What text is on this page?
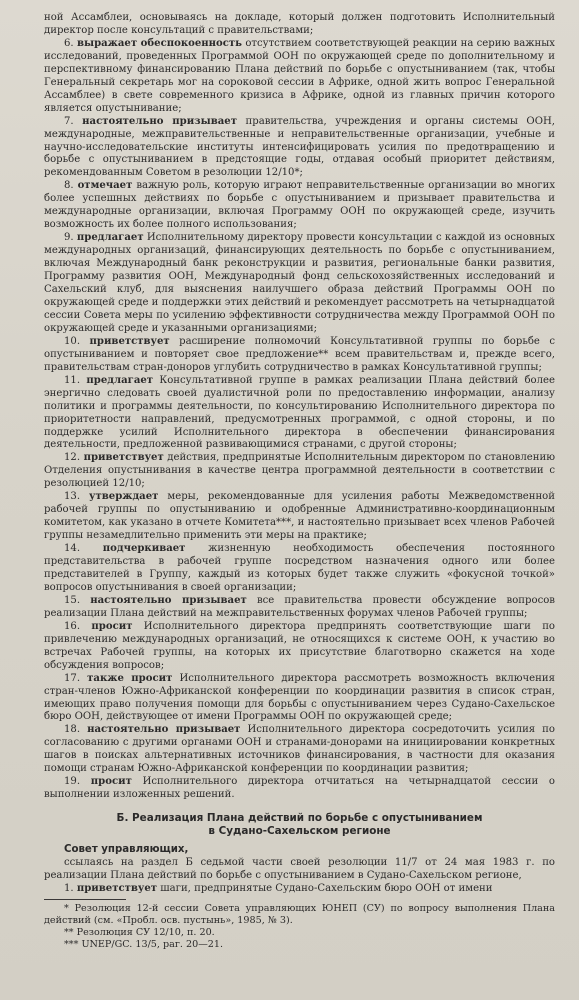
ной Ассамблеи, основываясь на докладе, который должен подготовить Исполнительный директор после консультаций с правительствами;

6. выражает обеспокоенность отсутствием соответствующей реакции на серию важных исследований, проведенных Программой ООН по окружающей среде по дополнительному и перспективному финансированию Плана действий по борьбе с опустыниванием (так, чтобы Генеральный секретарь мог на сороковой сессии в Африке, одной жить вопрос Генеральной Ассамблее) в свете современного кризиса в Африке, одной из главных причин которого является опустынивание;

7. настоятельно призывает правительства, учреждения и органы системы ООН, международные, межправительственные и неправительственные организации, учебные и научно-исследовательские институты интенсифицировать усилия по предотвращению и борьбе с опустыниванием в предстоящие годы, отдавая особый приоритет действиям, рекомендованным Советом в резолюции 12/10*;

8. отмечает важную роль, которую играют неправительственные организации во многих более успешных действиях по борьбе с опустыниванием и призывает правительства и международные организации, включая Программу ООН по окружающей среде, изучить возможность их более полного использования;

9. предлагает Исполнительному директору провести консультации с каждой из основных международных организаций, финансирующих деятельность по борьбе с опустыниванием, включая Международный банк реконструкции и развития, региональные банки развития, Программу развития ООН, Международный фонд сельскохозяйственных исследований и Сахельский клуб, для выяснения наилучшего образа действий Программы ООН по окружающей среде и поддержки этих действий и рекомендует рассмотреть на четырнадцатой сессии Совета меры по усилению эффективности сотрудничества между Программой ООН по окружающей среде и указанными организациями;

10. приветствует расширение полномочий Консультативной группы по борьбе с опустыниванием и повторяет свое предложение** всем правительствам и, прежде всего, правительствам стран-доноров углубить сотрудничество в рамках Консультативной группы;

11. предлагает Консультативной группе в рамках реализации Плана действий более энергично следовать своей дуалистичной роли по предоставлению информации, анализу политики и программы деятельности, по консультированию Исполнительного директора по приоритетности направлений, предусмотренных программой, с одной стороны, и по поддержке усилий Исполнительного директора в обеспечении финансирования деятельности, предложенной развивающимися странами, с другой стороны;

12. приветствует действия, предпринятые Исполнительным директором по становлению Отделения опустынивания в качестве центра программной деятельности в соответствии с резолюцией 12/10;

13. утверждает меры, рекомендованные для усиления работы Межведомственной рабочей группы по опустыниванию и одобренные Административно-координационным комитетом, как указано в отчете Комитета***, и настоятельно призывает всех членов Рабочей группы незамедлительно применить эти меры на практике;

14. подчеркивает жизненную необходимость обеспечения постоянного представительства в рабочей группе посредством назначения одного или более представителей в Группу, каждый из которых будет также служить «фокусной точкой» вопросов опустынивания в своей организации;

15. настоятельно призывает все правительства провести обсуждение вопросов реализации Плана действий на межправительственных форумах членов Рабочей группы;

16. просит Исполнительного директора предпринять соответствующие шаги по привлечению международных организаций, не относящихся к системе ООН, к участию во встречах Рабочей группы, на которых их присутствие благотворно скажется на ходе обсуждения вопросов;

17. также просит Исполнительного директора рассмотреть возможность включения стран-членов Южно-Африканской конференции по координации развития в список стран, имеющих право получения помощи для борьбы с опустыниванием через Судано-Сахельское бюро ООН, действующее от имени Программы ООН по окружающей среде;

18. настоятельно призывает Исполнительного директора сосредоточить усилия по согласованию с другими органами ООН и странами-донорами на инициировании конкретных шагов в поисках альтернативных источников финансирования, в частности для оказания помощи странам Южно-Африканской конференции по координации развития;

19. просит Исполнительного директора отчитаться на четырнадцатой сессии о выполнении изложенных решений.

Б. Реализация Плана действий по борьбе с опустыниванием
в Судано-Сахельском регионе

Совет управляющих,

ссылаясь на раздел Б седьмой части своей резолюции 11/7 от 24 мая 1983 г. по реализации Плана действий по борьбе с опустыниванием в Судано-Сахельском регионе,

1. приветствует шаги, предпринятые Судано-Сахельским бюро ООН от имени

* Резолюция 12-й сессии Совета управляющих ЮНЕП (СУ) по вопросу выполнения Плана действий (см. «Пробл. осв. пустынь», 1985, № 3).

** Резолюция СУ 12/10, п. 20.

*** UNEP/GC. 13/5, раг. 20—21.
